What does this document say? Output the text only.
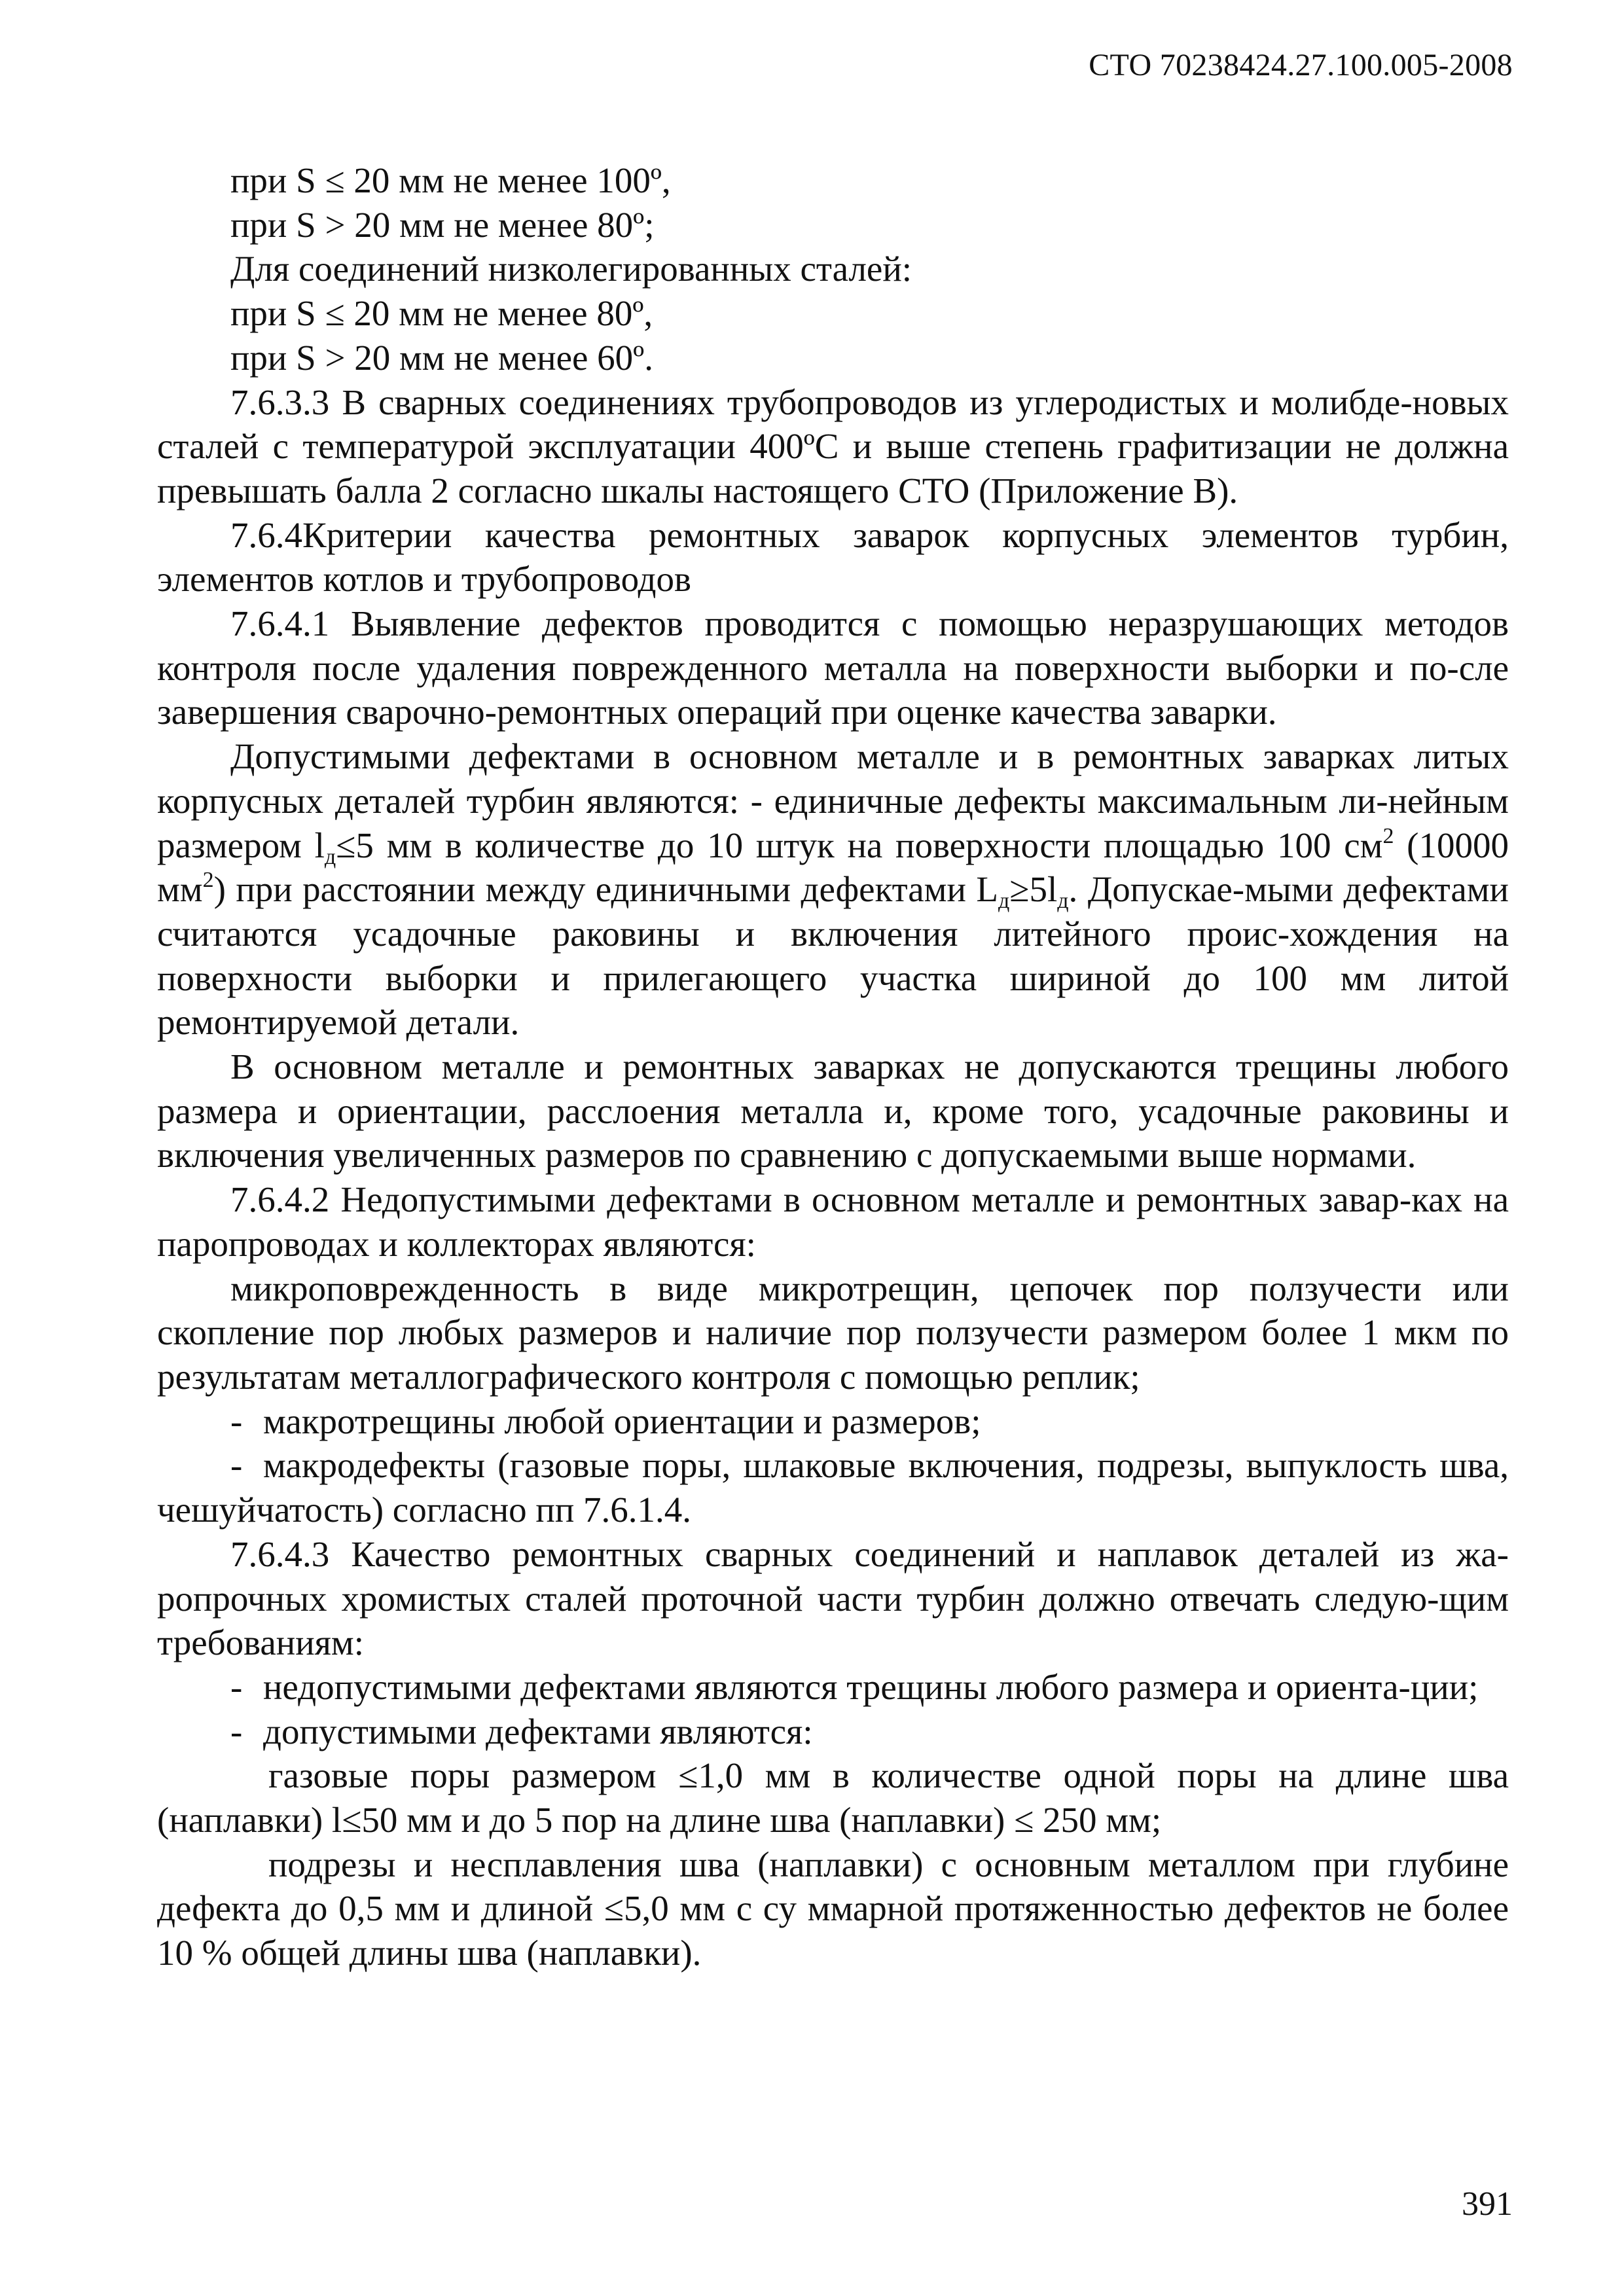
СТО 70238424.27.100.005-2008

при S ≤ 20 мм не менее 100º,

при S > 20 мм не менее 80º;

Для соединений низколегированных сталей:

при S ≤ 20 мм не менее 80º,

при S > 20 мм не менее 60º.

7.6.3.3 В сварных соединениях трубопроводов из углеродистых и молибде-новых сталей с температурой эксплуатации 400ºС и выше степень графитизации не должна превышать балла 2 согласно шкалы настоящего СТО (Приложение В).

7.6.4Критерии качества ремонтных заварок корпусных элементов турбин, элементов котлов и трубопроводов

7.6.4.1 Выявление дефектов проводится с помощью неразрушающих методов контроля после удаления поврежденного металла на поверхности выборки и по-сле завершения сварочно-ремонтных операций при оценке качества заварки.

Допустимыми дефектами в основном металле и в ремонтных заварках литых корпусных деталей турбин являются: - единичные дефекты максимальным ли-нейным размером $l_д\le 5$ мм в количестве до 10 штук на поверхности площадью 100 $см^2$ (10000 $мм^2$) при расстоянии между единичными дефектами $L_д\ge 5l_д$. Допускае-мыми дефектами считаются усадочные раковины и включения литейного проис-хождения на поверхности выборки и прилегающего участка шириной до 100 мм литой ремонтируемой детали.

В основном металле и ремонтных заварках не допускаются трещины любого размера и ориентации, расслоения металла и, кроме того, усадочные раковины и включения увеличенных размеров по сравнению с допускаемыми выше нормами.

7.6.4.2 Недопустимыми дефектами в основном металле и ремонтных завар-ках на паропроводах и коллекторах являются:

микроповрежденность в виде микротрещин, цепочек пор ползучести или скопление пор любых размеров и наличие пор ползучести размером более 1 мкм по результатам металлографического контроля с помощью реплик;

- макротрещины любой ориентации и размеров;

- макродефекты (газовые поры, шлаковые включения, подрезы, выпуклость шва, чешуйчатость) согласно пп 7.6.1.4.

7.6.4.3 Качество ремонтных сварных соединений и наплавок деталей из жа-ропрочных хромистых сталей проточной части турбин должно отвечать следую-щим требованиям:

- недопустимыми дефектами являются трещины любого размера и ориента-ции;

- допустимыми дефектами являются:

газовые поры размером ≤1,0 мм в количестве одной поры на длине шва (наплавки) l≤50 мм и до 5 пор на длине шва (наплавки) ≤ 250 мм;

подрезы и несплавления шва (наплавки) с основным металлом при глубине дефекта до 0,5 мм и длиной ≤5,0 мм с су ммарной протяженностью дефектов не более 10 % общей длины шва (наплавки).

391
